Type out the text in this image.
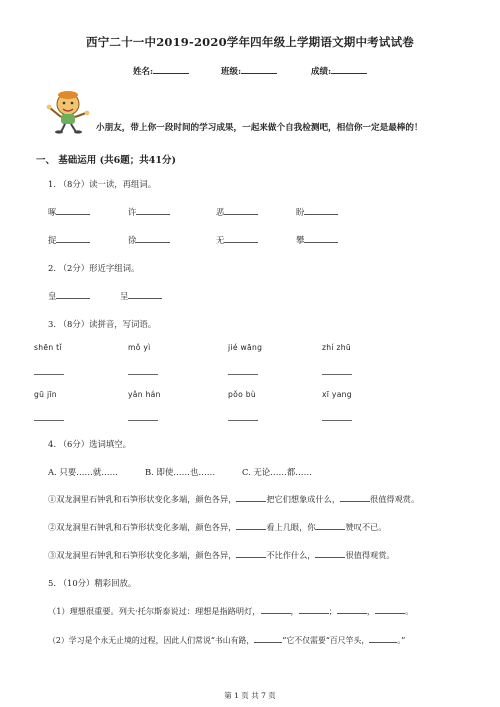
西宁二十一中2019-2020学年四年级上学期语文期中考试试卷
姓名:	班级:	成绩:
小朋友，带上你一段时间的学习成果，一起来做个自我检测吧，相信你一定是最棒的！
一、 基础运用 (共6题；共41分)
1. （8分）读一读，再组词。
啄	许	恶	盼
捉	徐	无	攀
2. （2分）形近字组词。
皇	呈
3. （8分）读拼音，写词语。
shēn tǐ	mǒ yì	jié wāng	zhí zhū
gū jīn	yǎn hán	pǒo bù	xī yang
4. （6分）选词填空。
A. 只要……就……	B. 即使……也……	C. 无论……都……
①双龙洞里石钟乳和石笋形状变化多端，颜色各异，	把它们想象成什么，	很值得观赏。
②双龙洞里石钟乳和石笋形状变化多端，颜色各异，	看上几眼，你	赞叹不已。
③双龙洞里石钟乳和石笋形状变化多端，颜色各异，	不比作什么，	很值得观赏。
5. （10分）精彩回放。
（1）理想很重要。列夫·托尔斯泰说过：理想是指路明灯，	，	；	，	。
（2）学习是个永无止境的过程，因此人们常说“书山有路，	”它不仅需要“百尺竿头，	。”
第 1 页 共 7 页
